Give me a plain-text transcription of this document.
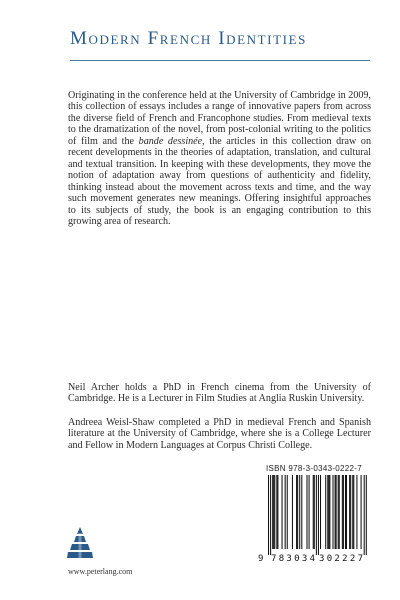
Modern French Identities

Originating in the conference held at the University of Cambridge in 2009, this collection of essays includes a range of innovative papers from across the diverse field of French and Francophone studies. From medieval texts to the dramatization of the novel, from post-colonial writing to the politics of film and the bande dessinée, the articles in this collection draw on recent developments in the theories of adaptation, translation, and cultural and textual transition. In keeping with these developments, they move the notion of adaptation away from questions of authenticity and fidelity, thinking instead about the movement across texts and time, and the way such movement generates new meanings. Offering insightful approaches to its subjects of study, the book is an engaging contribution to this growing area of research.

Neil Archer holds a PhD in French cinema from the University of Cambridge. He is a Lecturer in Film Studies at Anglia Ruskin University.

Andreea Weisl-Shaw completed a PhD in medieval French and Spanish literature at the University of Cambridge, where she is a College Lecturer and Fellow in Modern Languages at Corpus Christi College.

ISBN 978-3-0343-0222-7

9 783034 302227

www.peterlang.com
